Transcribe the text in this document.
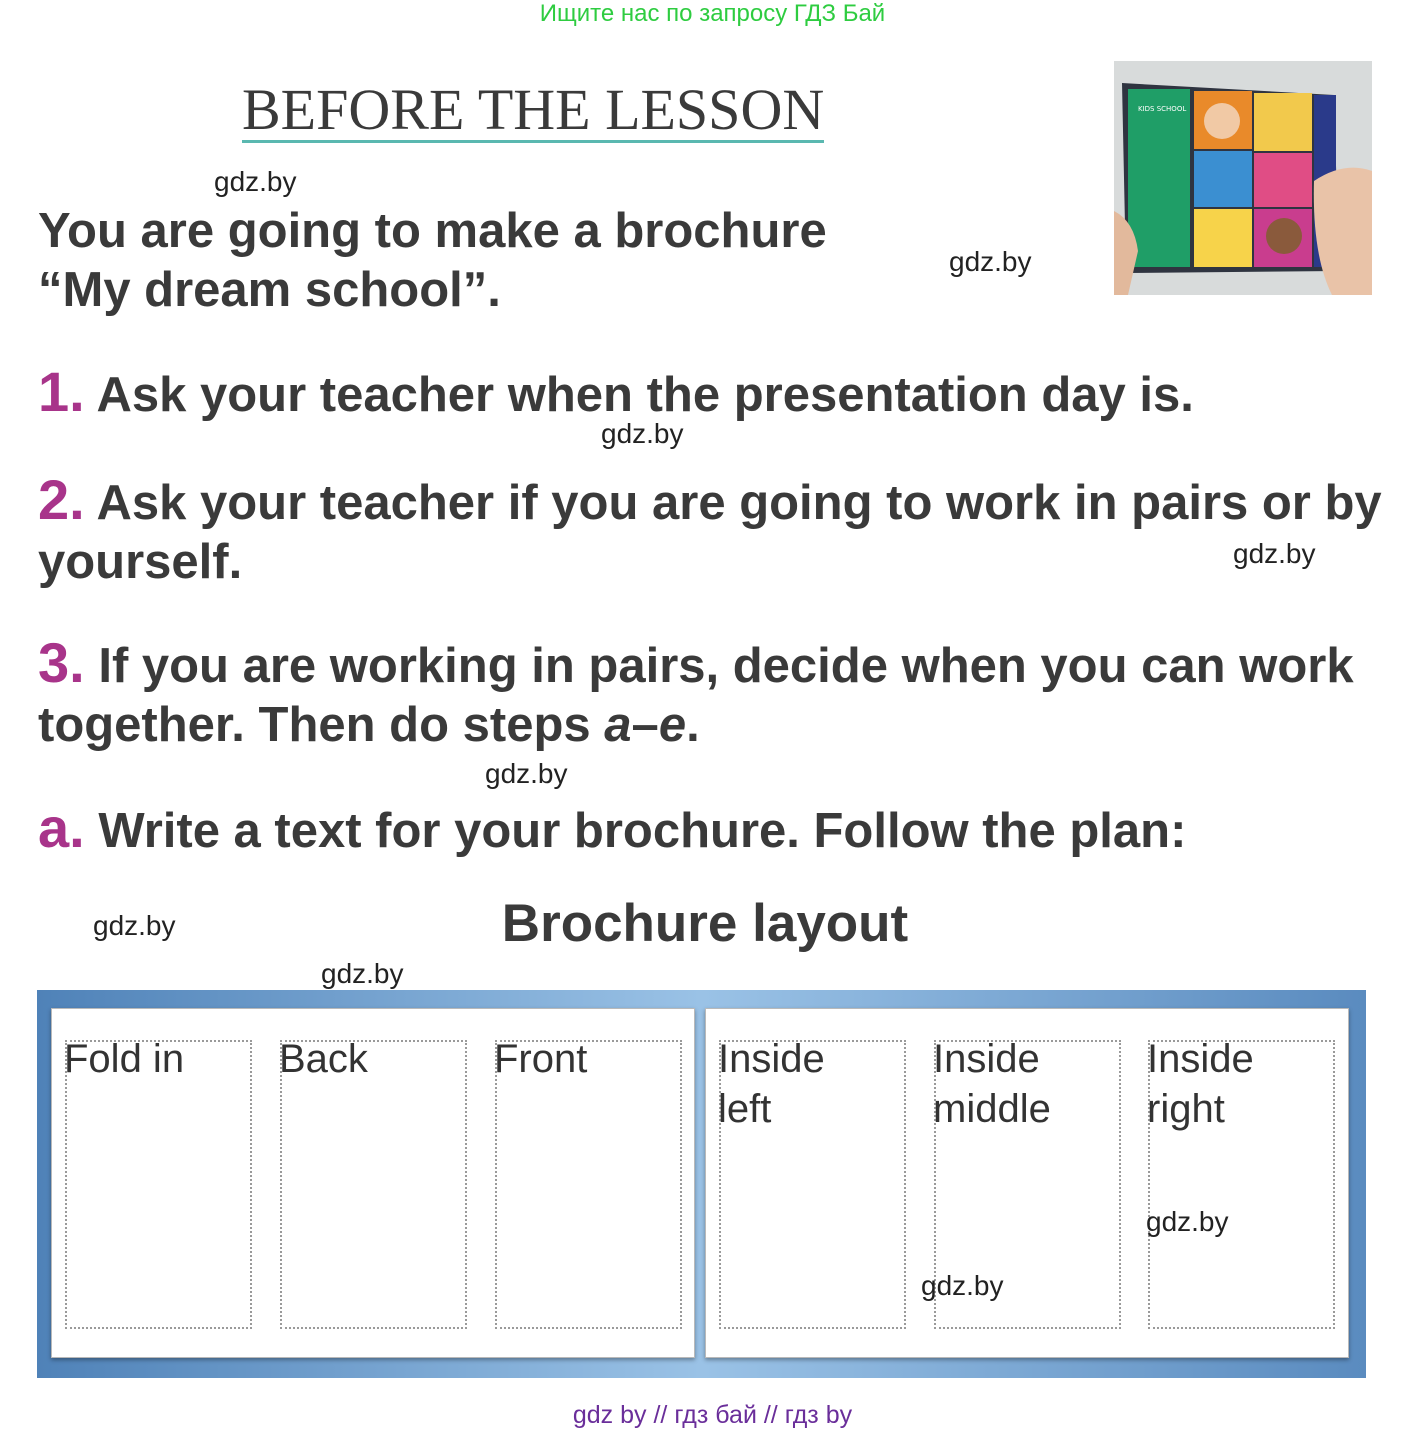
Ищите нас по запросу ГДЗ Бай
BEFORE THE LESSON	KIDS SCHOOL
gdz.by
gdz.by
You are going to make a brochure
“My dream school”.
1. Ask your teacher when the presentation day is.
gdz.by
2. Ask your teacher if you are going to work in pairs or by yourself.	gdz.by
3. If you are working in pairs, decide when you can work together. Then do steps a–e.
gdz.by
a. Write a text for your brochure. Follow the plan:
Brochure layout
gdz.by
gdz.by
Fold in Back	Front	Inside left
Inside middle
Inside right
gdz.by
gdz.by
gdz by // гдз бай // гдз by
